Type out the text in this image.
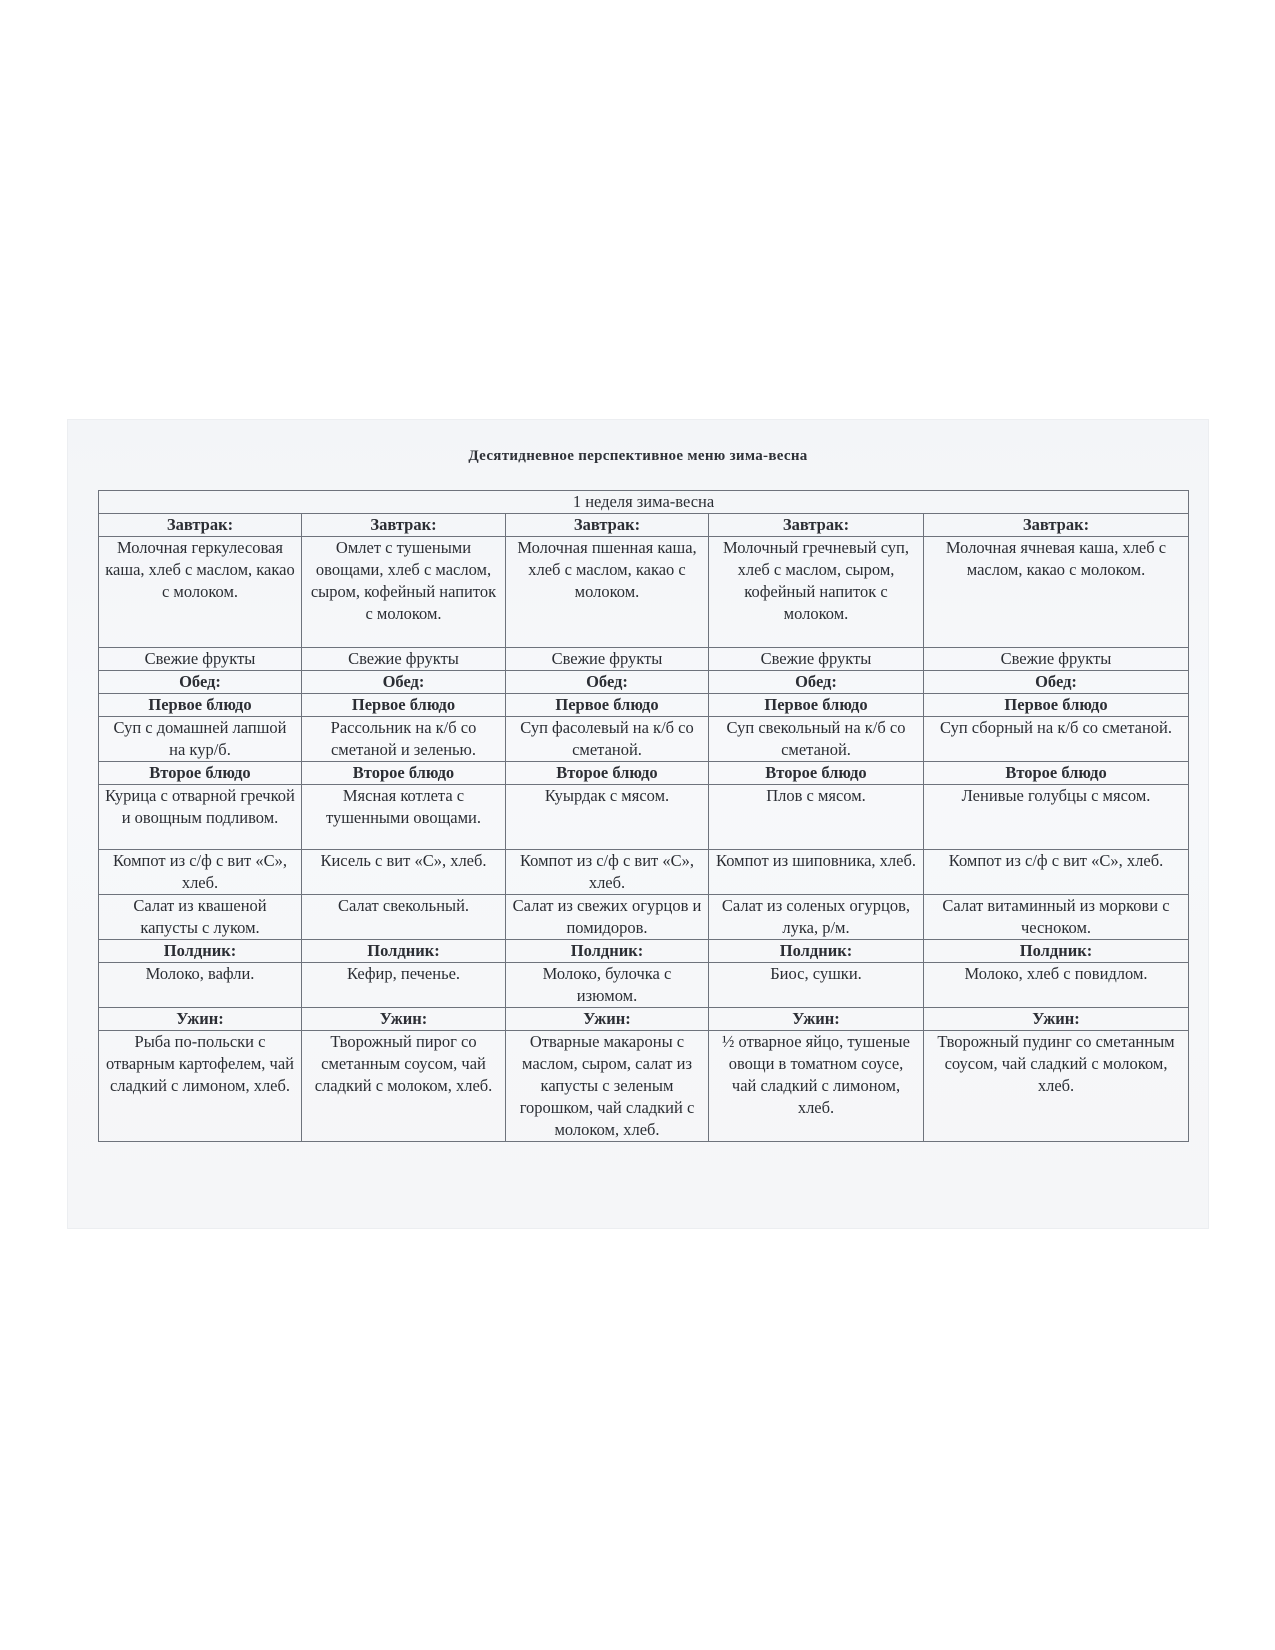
Десятидневное перспективное меню зима-весна
1 неделя зима-весна				
Завтрак:	Завтрак:	Завтрак:	Завтрак:	Завтрак:
Молочная геркулесовая каша, хлеб с маслом, какао с молоком.	Омлет с тушеными овощами, хлеб с маслом, сыром, кофейный напиток с молоком.	Молочная пшенная каша, хлеб с маслом, какао с молоком.	Молочный гречневый суп, хлеб с маслом, сыром, кофейный напиток с молоком.	Молочная ячневая каша, хлеб с маслом, какао с молоком.
Свежие фрукты	Свежие фрукты	Свежие фрукты	Свежие фрукты	Свежие фрукты
Обед:	Обед:	Обед:	Обед:	Обед:
Первое блюдо	Первое блюдо	Первое блюдо	Первое блюдо	Первое блюдо
Суп с домашней лапшой на кур/б.	Рассольник на к/б со сметаной и зеленью.	Суп фасолевый на к/б со сметаной.	Суп свекольный на к/б со сметаной.	Суп сборный на к/б со сметаной.
Второе блюдо	Второе блюдо	Второе блюдо	Второе блюдо	Второе блюдо
Курица с отварной гречкой и овощным подливом.	Мясная котлета с тушенными овощами.	Куырдак с мясом.	Плов с мясом.	Ленивые голубцы с мясом.
Компот из с/ф с вит «С», хлеб.	Кисель с вит «С», хлеб.	Компот из с/ф с вит «С», хлеб.	Компот из шиповника, хлеб.	Компот из с/ф с вит «С», хлеб.
Салат из квашеной капусты с луком.	Салат свекольный.	Салат из свежих огурцов и помидоров.	Салат из соленых огурцов, лука, р/м.	Салат витаминный из моркови с чесноком.
Полдник:	Полдник:	Полдник:	Полдник:	Полдник:
Молоко, вафли.	Кефир, печенье.	Молоко, булочка с изюмом.	Биос, сушки.	Молоко, хлеб с повидлом.
Ужин:	Ужин:	Ужин:	Ужин:	Ужин:
Рыба по-польски с отварным картофелем, чай сладкий с лимоном, хлеб.	Творожный пирог со сметанным соусом, чай сладкий с молоком, хлеб.	Отварные макароны с маслом, сыром, салат из капусты с зеленым горошком, чай сладкий с молоком, хлеб.	½ отварное яйцо, тушеные овощи в томатном соусе, чай сладкий с лимоном, хлеб.	Творожный пудинг со сметанным соусом, чай сладкий с молоком, хлеб.
